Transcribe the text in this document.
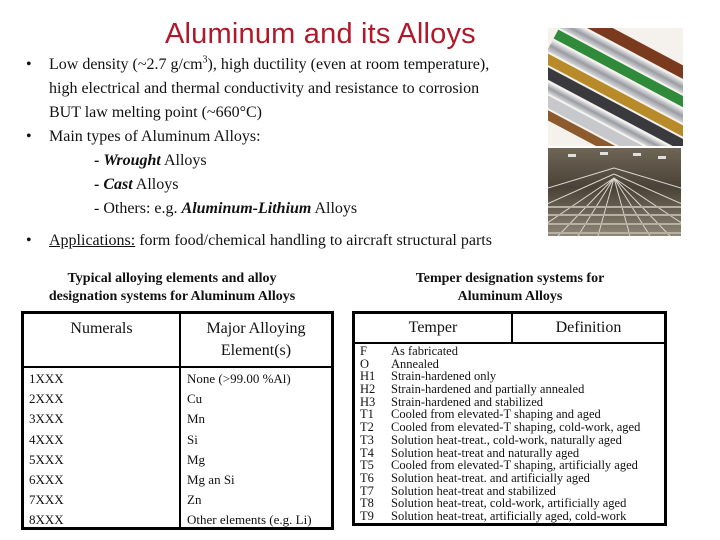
Aluminum and its Alloys
• Low density (~2.7 $g/cm^3$), high ductility (even at room temperature),
high electrical and thermal conductivity and resistance to corrosion
BUT law melting point (~660°C)
• Main types of Aluminum Alloys:
- Wrought Alloys
- Cast Alloys
- Others: e.g. Aluminum-Lithium Alloys
• Applications: form food/chemical handling to aircraft structural parts
Typical alloying elements and alloy
designation systems for Aluminum Alloys
Temper designation systems for
Aluminum Alloys
Numerals	Major Alloying Element(s)
1XXX	None (>99.00 %Al)
2XXX	Cu
3XXX	Mn
4XXX	Si
5XXX	Mg
6XXX	Mg an Si
7XXX	Zn
8XXX	Other elements (e.g. Li)
Temper	Definition
F As fabricated
O Annealed
H1 Strain-hardened only
H2 Strain-hardened and partially annealed
H3 Strain-hardened and stabilized
T1 Cooled from elevated-T shaping and aged
T2 Cooled from elevated-T shaping, cold-work, aged
T3 Solution heat-treat., cold-work, naturally aged
T4 Solution heat-treat and naturally aged
T5 Cooled from elevated-T shaping, artificially aged
T6 Solution heat-treat. and artificially aged
T7 Solution heat-treat and stabilized
T8 Solution heat-treat, cold-work, artificially aged
T9 Solution heat-treat, artificially aged, cold-work
